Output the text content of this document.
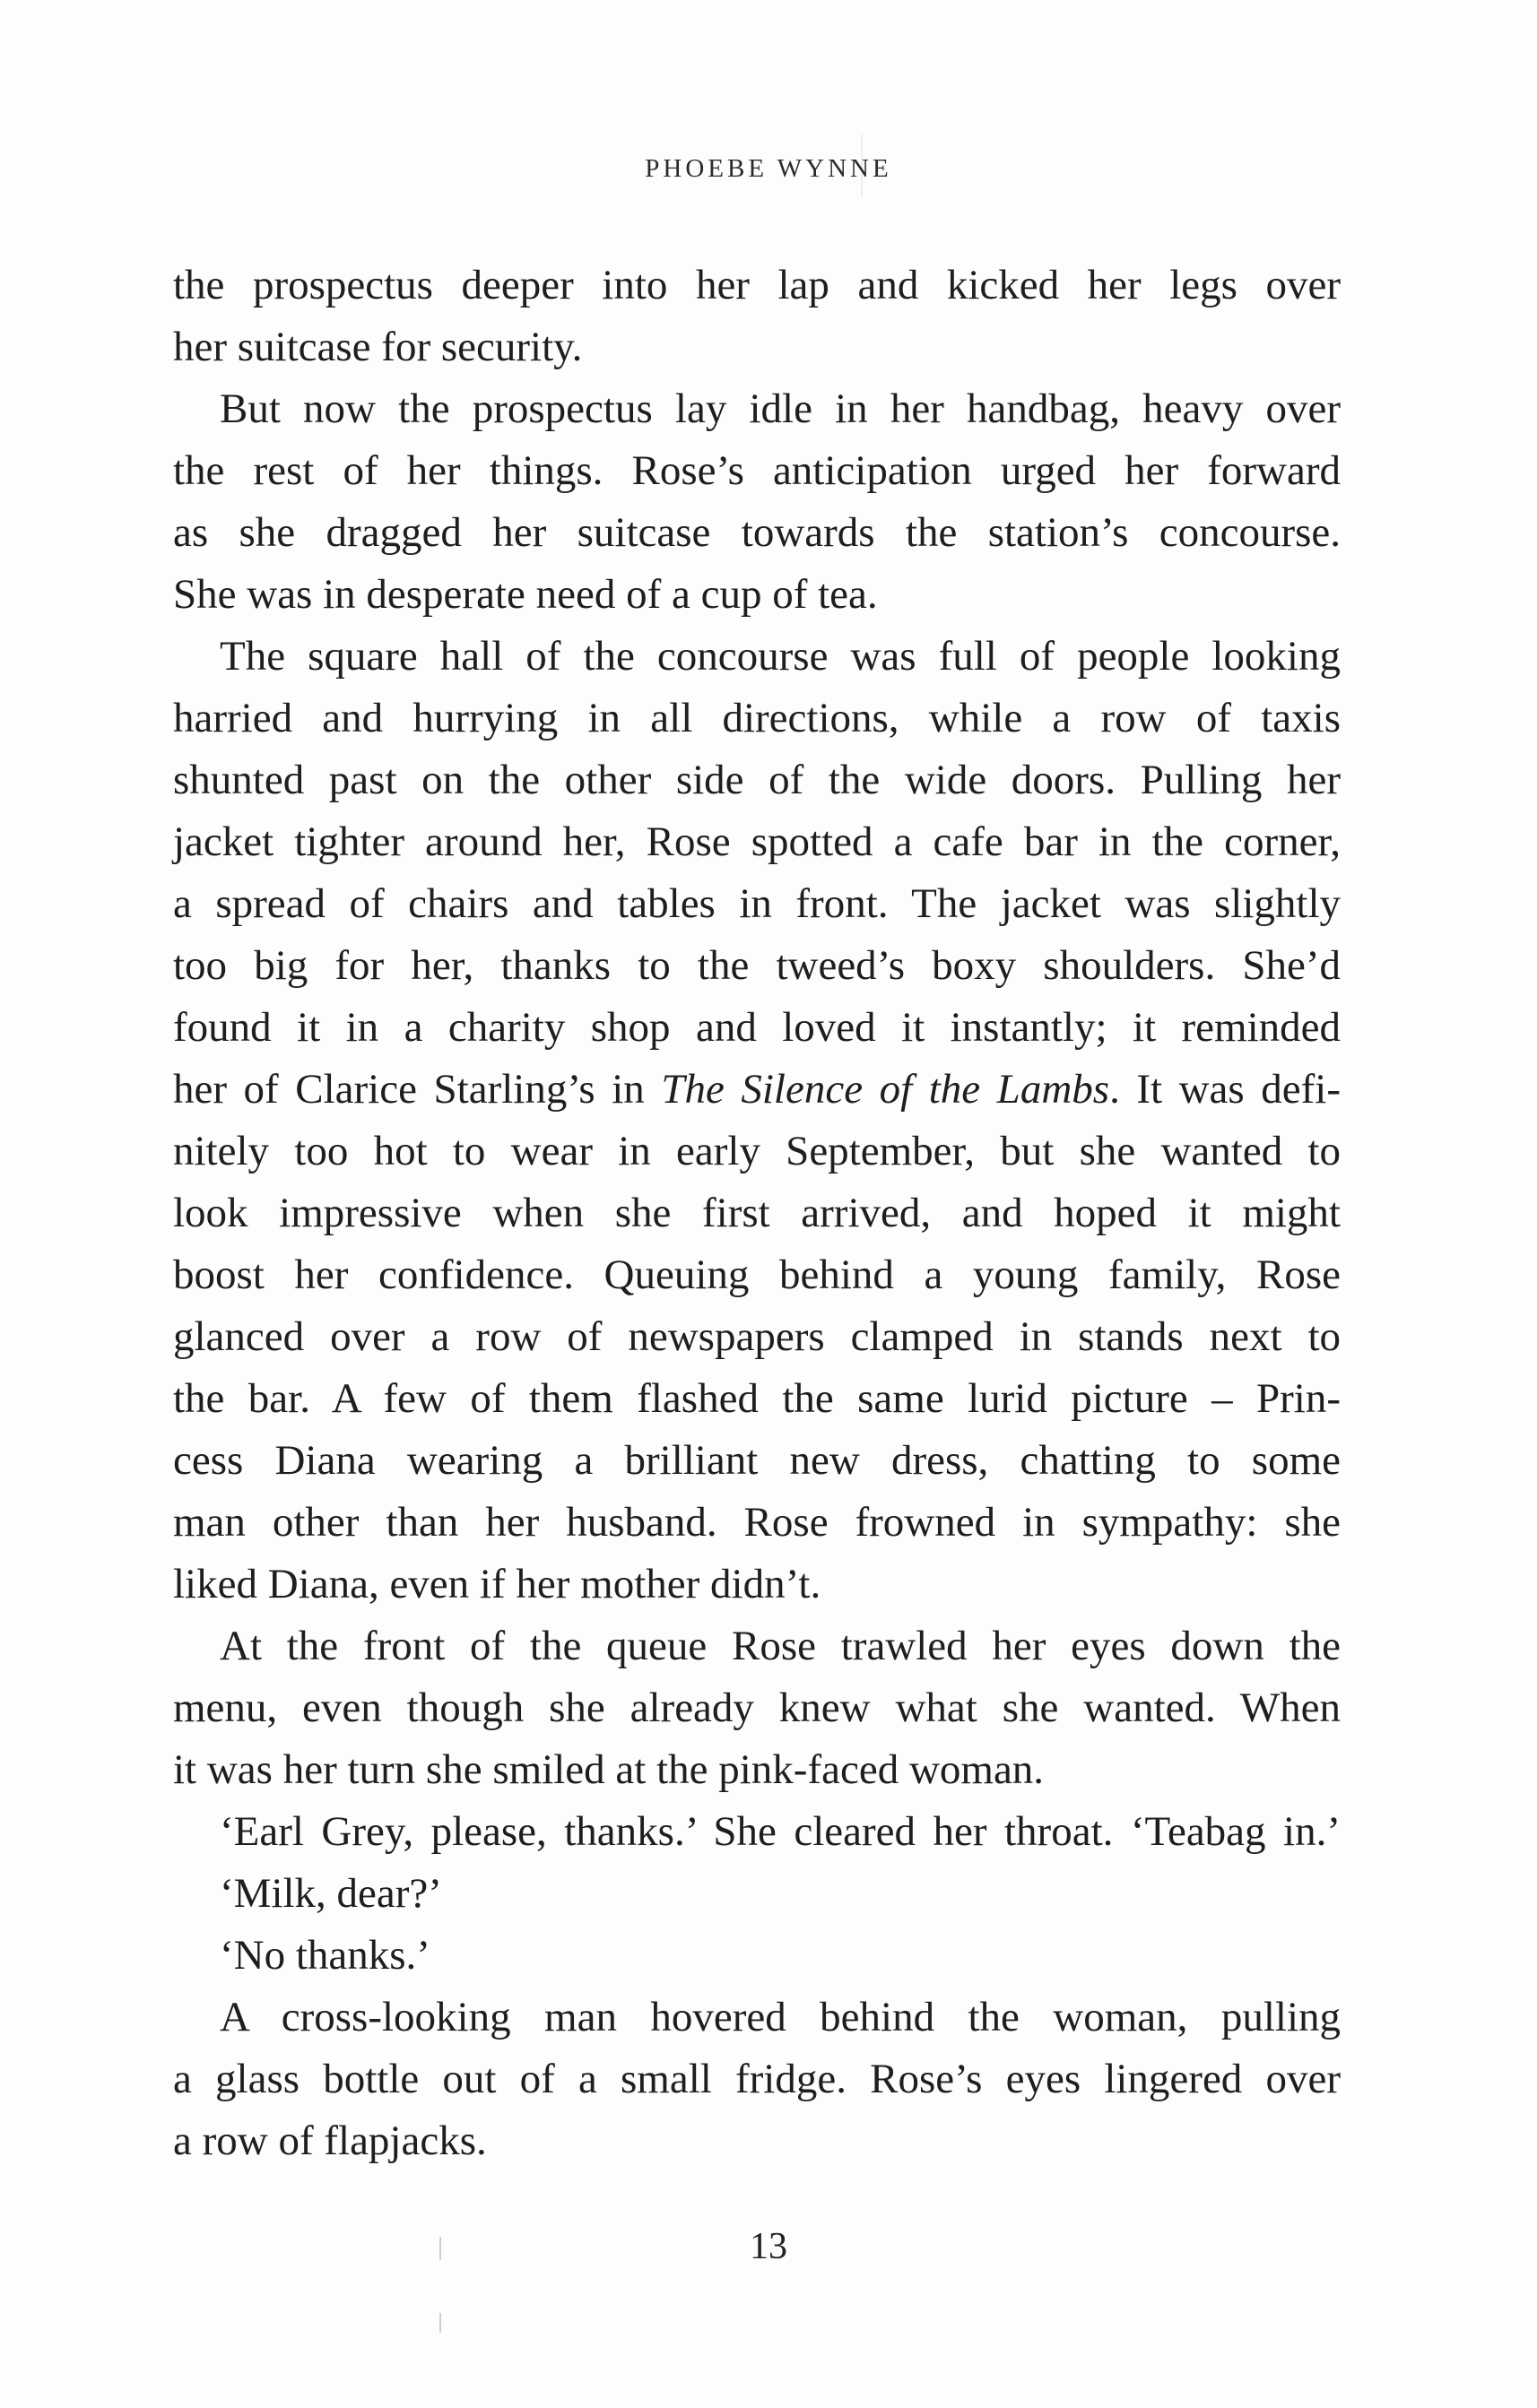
PHOEBE WYNNE
the prospectus deeper into her lap and kicked her legs over
her suitcase for security.
But now the prospectus lay idle in her handbag, heavy over
the rest of her things. Rose’s anticipation urged her forward
as she dragged her suitcase towards the station’s concourse.
She was in desperate need of a cup of tea.
The square hall of the concourse was full of people looking
harried and hurrying in all directions, while a row of taxis
shunted past on the other side of the wide doors. Pulling her
jacket tighter around her, Rose spotted a cafe bar in the corner,
a spread of chairs and tables in front. The jacket was slightly
too big for her, thanks to the tweed’s boxy shoulders. She’d
found it in a charity shop and loved it instantly; it reminded
her of Clarice Starling’s in The Silence of the Lambs. It was defi-
nitely too hot to wear in early September, but she wanted to
look impressive when she first arrived, and hoped it might
boost her confidence. Queuing behind a young family, Rose
glanced over a row of newspapers clamped in stands next to
the bar. A few of them flashed the same lurid picture – Prin-
cess Diana wearing a brilliant new dress, chatting to some
man other than her husband. Rose frowned in sympathy: she
liked Diana, even if her mother didn’t.
At the front of the queue Rose trawled her eyes down the
menu, even though she already knew what she wanted. When
it was her turn she smiled at the pink-faced woman.
‘Earl Grey, please, thanks.’ She cleared her throat. ‘Teabag in.’
‘Milk, dear?’
‘No thanks.’
A cross-looking man hovered behind the woman, pulling
a glass bottle out of a small fridge. Rose’s eyes lingered over
a row of flapjacks.
13
